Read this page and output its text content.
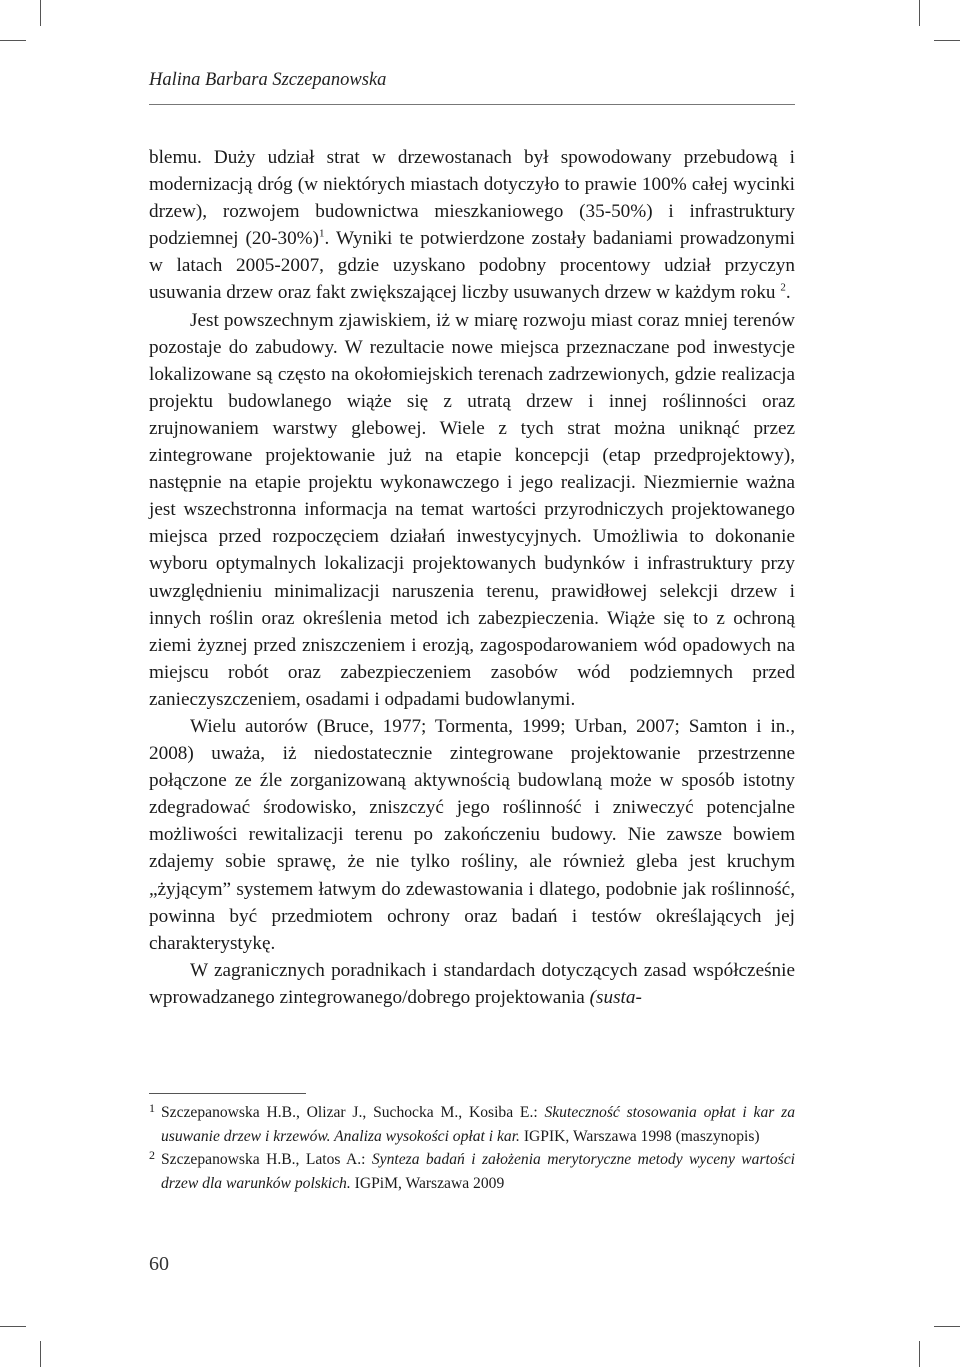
Halina Barbara Szczepanowska

blemu. Duży udział strat w drzewostanach był spowodowany przebudową i modernizacją dróg (w niektórych miastach dotyczyło to prawie 100% całej wycinki drzew), rozwojem budownictwa mieszkaniowego (35-50%) i infrastruktury podziemnej $(20-30\%)^1$. Wyniki te potwierdzone zostały badaniami prowadzonymi w latach 2005-2007, gdzie uzyskano podobny procentowy udział przyczyn usuwania drzew oraz fakt zwiększającej liczby usuwanych drzew w każdym roku $^2$.

Jest powszechnym zjawiskiem, iż w miarę rozwoju miast coraz mniej terenów pozostaje do zabudowy. W rezultacie nowe miejsca przeznaczane pod inwestycje lokalizowane są często na okołomiejskich terenach zadrzewionych, gdzie realizacja projektu budowlanego wiąże się z utratą drzew i innej roślinności oraz zrujnowaniem warstwy glebowej. Wiele z tych strat można uniknąć przez zintegrowane projektowanie już na etapie koncepcji (etap przedprojektowy), następnie na etapie projektu wykonawczego i jego realizacji. Niezmiernie ważna jest wszechstronna informacja na temat wartości przyrodniczych projektowanego miejsca przed rozpoczęciem działań inwestycyjnych. Umożliwia to dokonanie wyboru optymalnych lokalizacji projektowanych budynków i infrastruktury przy uwzględnieniu minimalizacji naruszenia terenu, prawidłowej selekcji drzew i innych roślin oraz określenia metod ich zabezpieczenia. Wiąże się to z ochroną ziemi żyznej przed zniszczeniem i erozją, zagospodarowaniem wód opadowych na miejscu robót oraz zabezpieczeniem zasobów wód podziemnych przed zanieczyszczeniem, osadami i odpadami budowlanymi.

Wielu autorów (Bruce, 1977; Tormenta, 1999; Urban, 2007; Samton i in., 2008) uważa, iż niedostatecznie zintegrowane projektowanie przestrzenne połączone ze źle zorganizowaną aktywnością budowlaną może w sposób istotny zdegradować środowisko, zniszczyć jego roślinność i zniweczyć potencjalne możliwości rewitalizacji terenu po zakończeniu budowy. Nie zawsze bowiem zdajemy sobie sprawę, że nie tylko rośliny, ale również gleba jest kruchym „żyjącym” systemem łatwym do zdewastowania i dlatego, podobnie jak roślinność, powinna być przedmiotem ochrony oraz badań i testów określających jej charakterystykę.

W zagranicznych poradnikach i standardach dotyczących zasad współcześnie wprowadzanego zintegrowanego/dobrego projektowania (susta-

1 Szczepanowska H.B., Olizar J., Suchocka M., Kosiba E.: Skuteczność stosowania opłat i kar za usuwanie drzew i krzewów. Analiza wysokości opłat i kar. IGPIK, Warszawa 1998 (maszynopis)
2 Szczepanowska H.B., Latos A.: Synteza badań i założenia merytoryczne metody wyceny wartości drzew dla warunków polskich. IGPiM, Warszawa 2009
60
